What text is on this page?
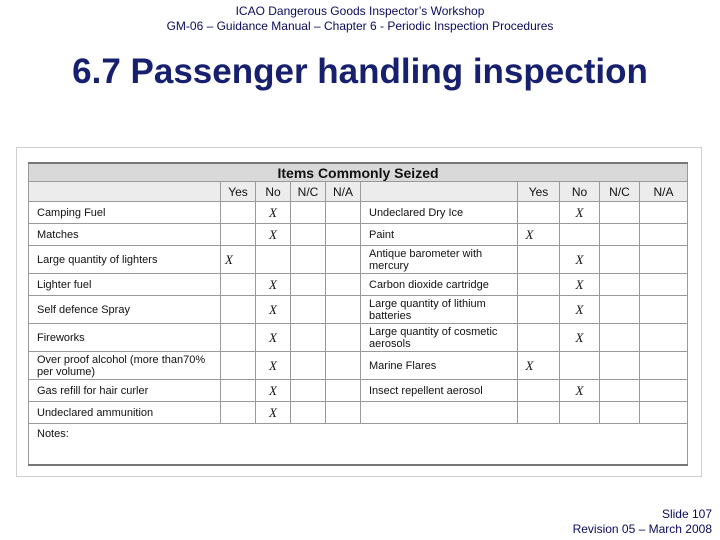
ICAO Dangerous Goods Inspector’s Workshop
GM-06 – Guidance Manual – Chapter 6 - Periodic Inspection Procedures
6.7 Passenger handling inspection
Items Commonly Seized									
	Yes	No	N/C	N/A		Yes	No	N/C	N/A
Camping Fuel		X			Undeclared Dry Ice		X		
Matches		X			Paint	X			
Large quantity of lighters	X				Antique barometer with mercury		X		
Lighter fuel		X			Carbon dioxide cartridge		X		
Self defence Spray		X			Large quantity of lithium batteries		X		
Fireworks		X			Large quantity of cosmetic aerosols		X		
Over proof alcohol (more than70% per volume)		X			Marine Flares	X			
Gas refill for hair curler		X			Insect repellent aerosol		X		
Undeclared ammunition		X							
Notes:									
Slide 107
Revision 05 – March 2008
